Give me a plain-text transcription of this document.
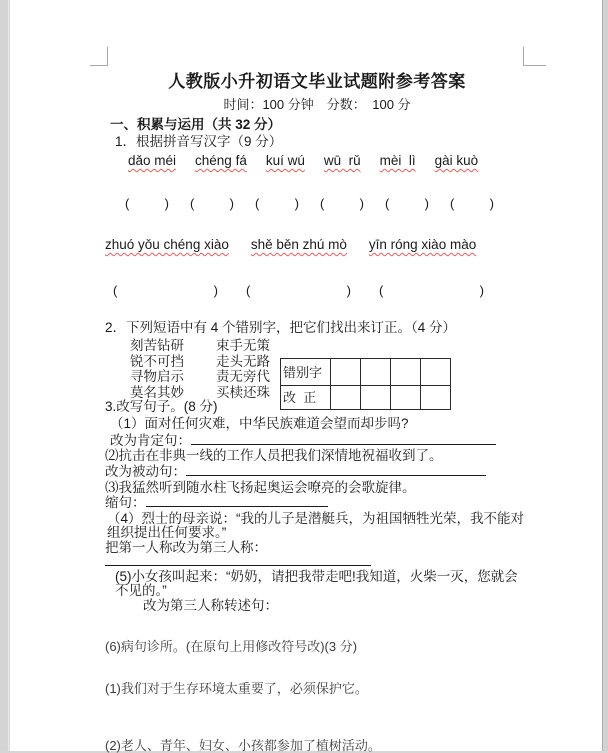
人教版小升初语文毕业试题附参考答案
时间：100 分钟　分数：　100 分
一、积累与运用（共 32 分）
1．根据拼音写汉字（9 分）
dǎo méi chéng fá kuí wú wū  rǔ mèi  lì gài kuò
(	) (	) (	) (	) (	) (	)
zhuó yǒu chéng xiào shě běn zhú mò yīn róng xiào mào
(	) (	) (	)
2．下列短语中有 4 个错别字，把它们找出来订正。（4 分）
刻苦钻研 束手无策
锐不可挡 走头无路
寻物启示 责无旁代
莫名其妙 买椟还珠
错别字				
改  正				
3.改写句子。(8 分)
（1）面对任何灾难，中华民族难道会望而却步吗?
改为肯定句：
⑵抗击在非典一线的工作人员把我们深情地祝福收到了。
改为被动句：
⑶我猛然听到随水柱飞扬起奥运会嘹亮的会歌旋律。
缩句：
（4）烈士的母亲说：“我的儿子是潜艇兵，为祖国牺牲光荣，我不能对组织提出任何要求。”
把第一人称改为第三人称：
(5)小女孩叫起来：“奶奶，请把我带走吧!我知道，火柴一灭，您就会不见的。”
改为第三人称转述句：
(6)病句诊所。(在原句上用修改符号改)(3 分)
(1)我们对于生存环境太重要了，必须保护它。
(2)老人、青年、妇女、小孩都参加了植树活动。
